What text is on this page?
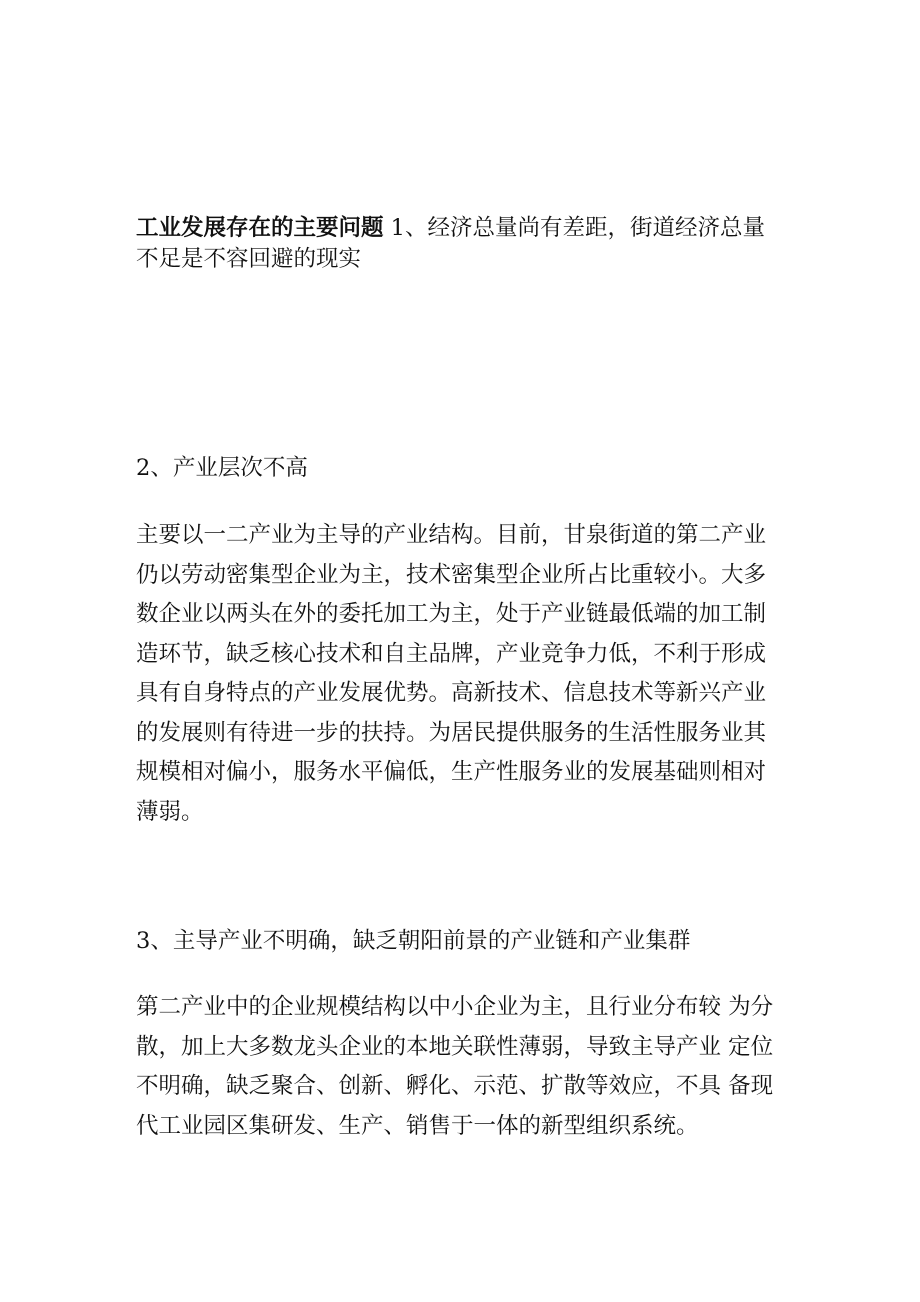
工业发展存在的主要问题 1、经济总量尚有差距，街道经济总量不足是不容回避的现实

2、产业层次不高

主要以一二产业为主导的产业结构。目前，甘泉街道的第二产业仍以劳动密集型企业为主，技术密集型企业所占比重较小。大多数企业以两头在外的委托加工为主，处于产业链最低端的加工制造环节，缺乏核心技术和自主品牌，产业竞争力低，不利于形成具有自身特点的产业发展优势。高新技术、信息技术等新兴产业的发展则有待进一步的扶持。为居民提供服务的生活性服务业其规模相对偏小，服务水平偏低，生产性服务业的发展基础则相对薄弱。

3、主导产业不明确，缺乏朝阳前景的产业链和产业集群

第二产业中的企业规模结构以中小企业为主，且行业分布较 为分散，加上大多数龙头企业的本地关联性薄弱，导致主导产业 定位不明确，缺乏聚合、创新、孵化、示范、扩散等效应，不具 备现代工业园区集研发、生产、销售于一体的新型组织系统。
